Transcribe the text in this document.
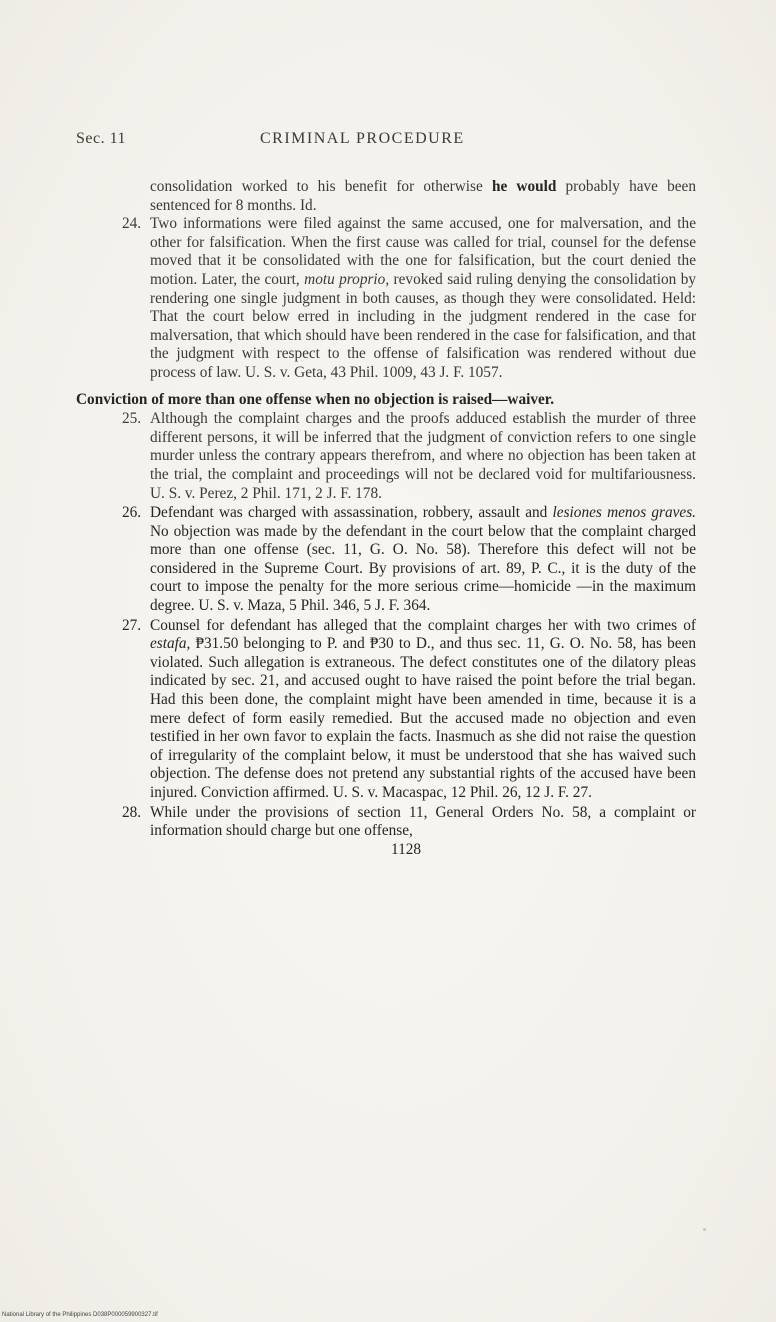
Sec. 11	CRIMINAL PROCEDURE

consolidation worked to his benefit for otherwise he would probably have been sentenced for 8 months. Id.

24. Two informations were filed against the same accused, one for malversation, and the other for falsification. When the first cause was called for trial, counsel for the defense moved that it be consolidated with the one for falsification, but the court denied the motion. Later, the court, motu proprio, revoked said ruling denying the consolidation by rendering one single judgment in both causes, as though they were consolidated. Held: That the court below erred in including in the judgment rendered in the case for malversation, that which should have been rendered in the case for falsification, and that the judgment with respect to the offense of falsification was rendered without due process of law. U. S. v. Geta, 43 Phil. 1009, 43 J. F. 1057.

Conviction of more than one offense when no objection is raised—waiver.

25. Although the complaint charges and the proofs adduced establish the murder of three different persons, it will be inferred that the judgment of conviction refers to one single murder unless the contrary appears therefrom, and where no objection has been taken at the trial, the complaint and proceedings will not be declared void for multifariousness. U. S. v. Perez, 2 Phil. 171, 2 J. F. 178.

26. Defendant was charged with assassination, robbery, assault and lesiones menos graves. No objection was made by the defendant in the court below that the complaint charged more than one offense (sec. 11, G. O. No. 58). Therefore this defect will not be considered in the Supreme Court. By provisions of art. 89, P. C., it is the duty of the court to impose the penalty for the more serious crime—homicide —in the maximum degree. U. S. v. Maza, 5 Phil. 346, 5 J. F. 364.

27. Counsel for defendant has alleged that the complaint charges her with two crimes of estafa, ₱31.50 belonging to P. and ₱30 to D., and thus sec. 11, G. O. No. 58, has been violated. Such allegation is extraneous. The defect constitutes one of the dilatory pleas indicated by sec. 21, and accused ought to have raised the point before the trial began. Had this been done, the complaint might have been amended in time, because it is a mere defect of form easily remedied. But the accused made no objection and even testified in her own favor to explain the facts. Inasmuch as she did not raise the question of irregularity of the complaint below, it must be understood that she has waived such objection. The defense does not pretend any substantial rights of the accused have been injured. Conviction affirmed. U. S. v. Macaspac, 12 Phil. 26, 12 J. F. 27.

28. While under the provisions of section 11, General Orders No. 58, a complaint or information should charge but one offense,

1128

National Library of the Philippines D038P000059900327.tif
